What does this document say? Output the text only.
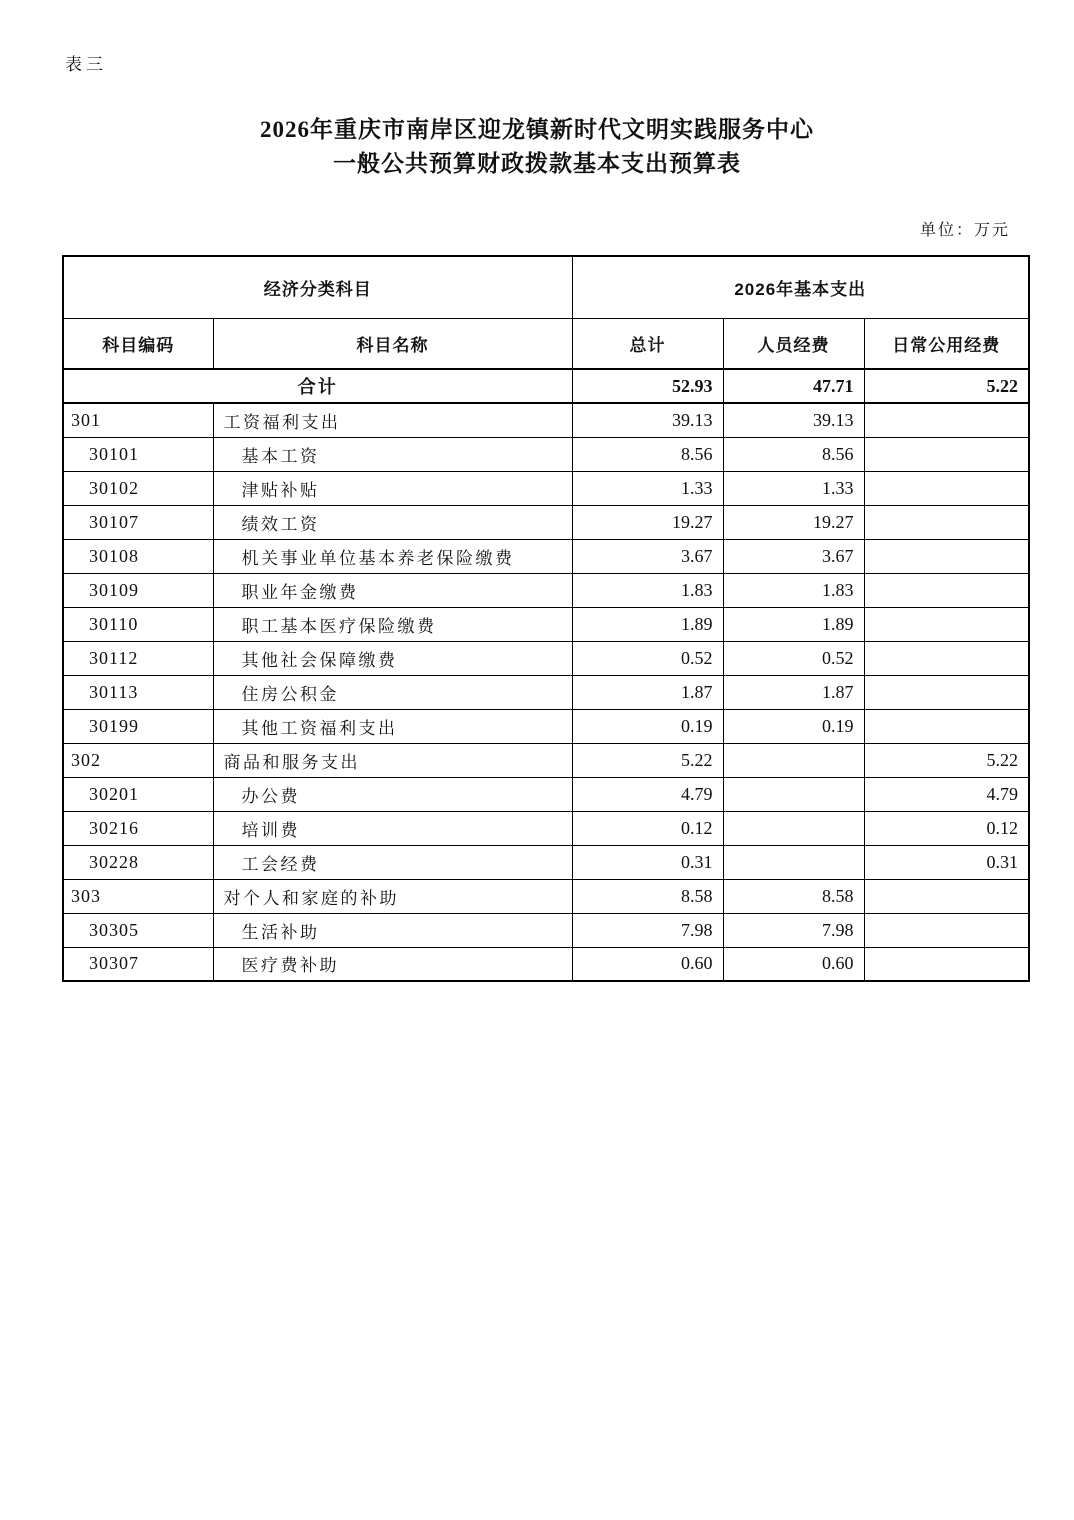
表三
2026年重庆市南岸区迎龙镇新时代文明实践服务中心
一般公共预算财政拨款基本支出预算表
单位：万元
经济分类科目		2026年基本支出		
科目编码	科目名称	总计	人员经费	日常公用经费
合计		52.93	47.71	5.22
301	工资福利支出	39.13	39.13	
30101	基本工资	8.56	8.56	
30102	津贴补贴	1.33	1.33	
30107	绩效工资	19.27	19.27	
30108	机关事业单位基本养老保险缴费	3.67	3.67	
30109	职业年金缴费	1.83	1.83	
30110	职工基本医疗保险缴费	1.89	1.89	
30112	其他社会保障缴费	0.52	0.52	
30113	住房公积金	1.87	1.87	
30199	其他工资福利支出	0.19	0.19	
302	商品和服务支出	5.22		5.22
30201	办公费	4.79		4.79
30216	培训费	0.12		0.12
30228	工会经费	0.31		0.31
303	对个人和家庭的补助	8.58	8.58	
30305	生活补助	7.98	7.98	
30307	医疗费补助	0.60	0.60	
